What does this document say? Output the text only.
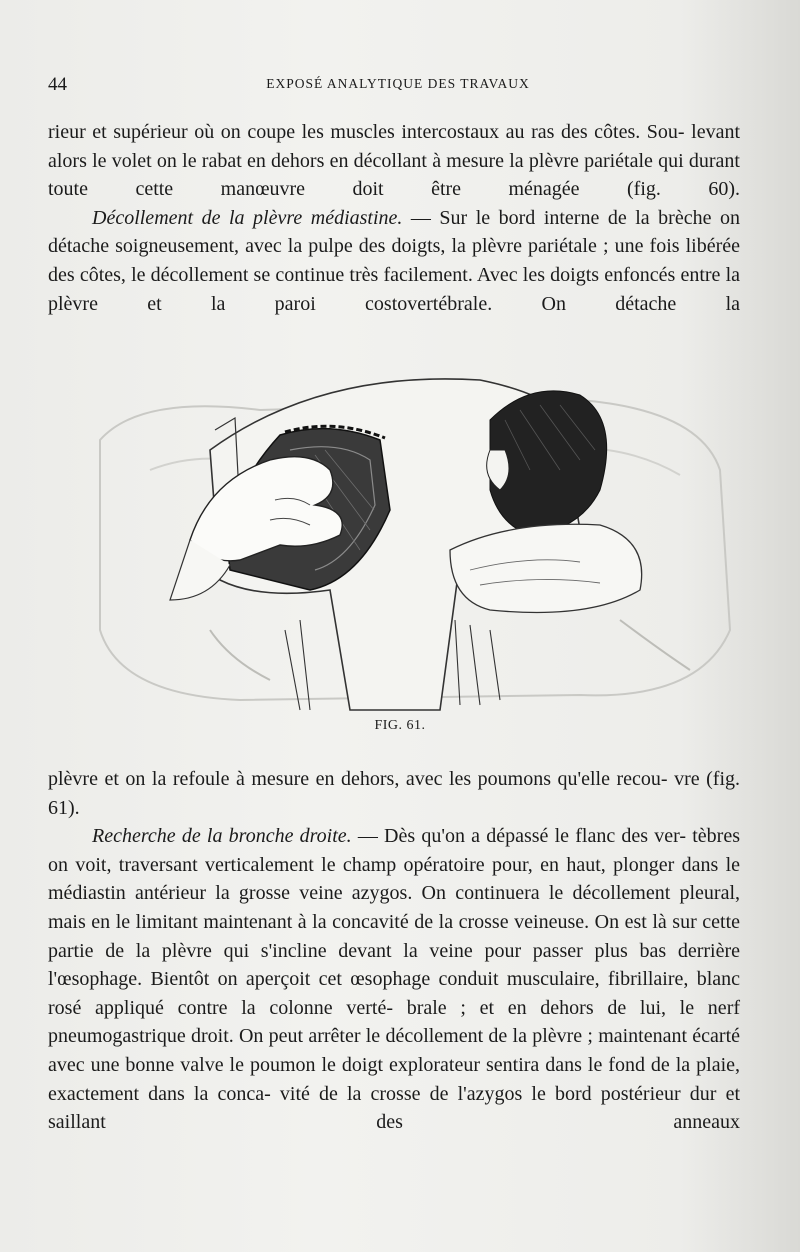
44	EXPOSÉ ANALYTIQUE DES TRAVAUX

rieur et supérieur où on coupe les muscles intercostaux au ras des côtes. Sou- levant alors le volet on le rabat en dehors en décollant à mesure la plèvre pariétale qui durant toute cette manœuvre doit être ménagée (fig. 60).

Décollement de la plèvre médiastine. — Sur le bord interne de la brèche on détache soigneusement, avec la pulpe des doigts, la plèvre pariétale ; une fois libérée des côtes, le décollement se continue très facilement. Avec les doigts enfoncés entre la plèvre et la paroi costovertébrale. On détache la

FIG. 61.

plèvre et on la refoule à mesure en dehors, avec les poumons qu'elle recou- vre (fig. 61).

Recherche de la bronche droite. — Dès qu'on a dépassé le flanc des ver- tèbres on voit, traversant verticalement le champ opératoire pour, en haut, plonger dans le médiastin antérieur la grosse veine azygos. On continuera le décollement pleural, mais en le limitant maintenant à la concavité de la crosse veineuse. On est là sur cette partie de la plèvre qui s'incline devant la veine pour passer plus bas derrière l'œsophage. Bientôt on aperçoit cet œsophage conduit musculaire, fibrillaire, blanc rosé appliqué contre la colonne verté- brale ; et en dehors de lui, le nerf pneumogastrique droit. On peut arrêter le décollement de la plèvre ; maintenant écarté avec une bonne valve le poumon le doigt explorateur sentira dans le fond de la plaie, exactement dans la conca- vité de la crosse de l'azygos le bord postérieur dur et saillant des anneaux
